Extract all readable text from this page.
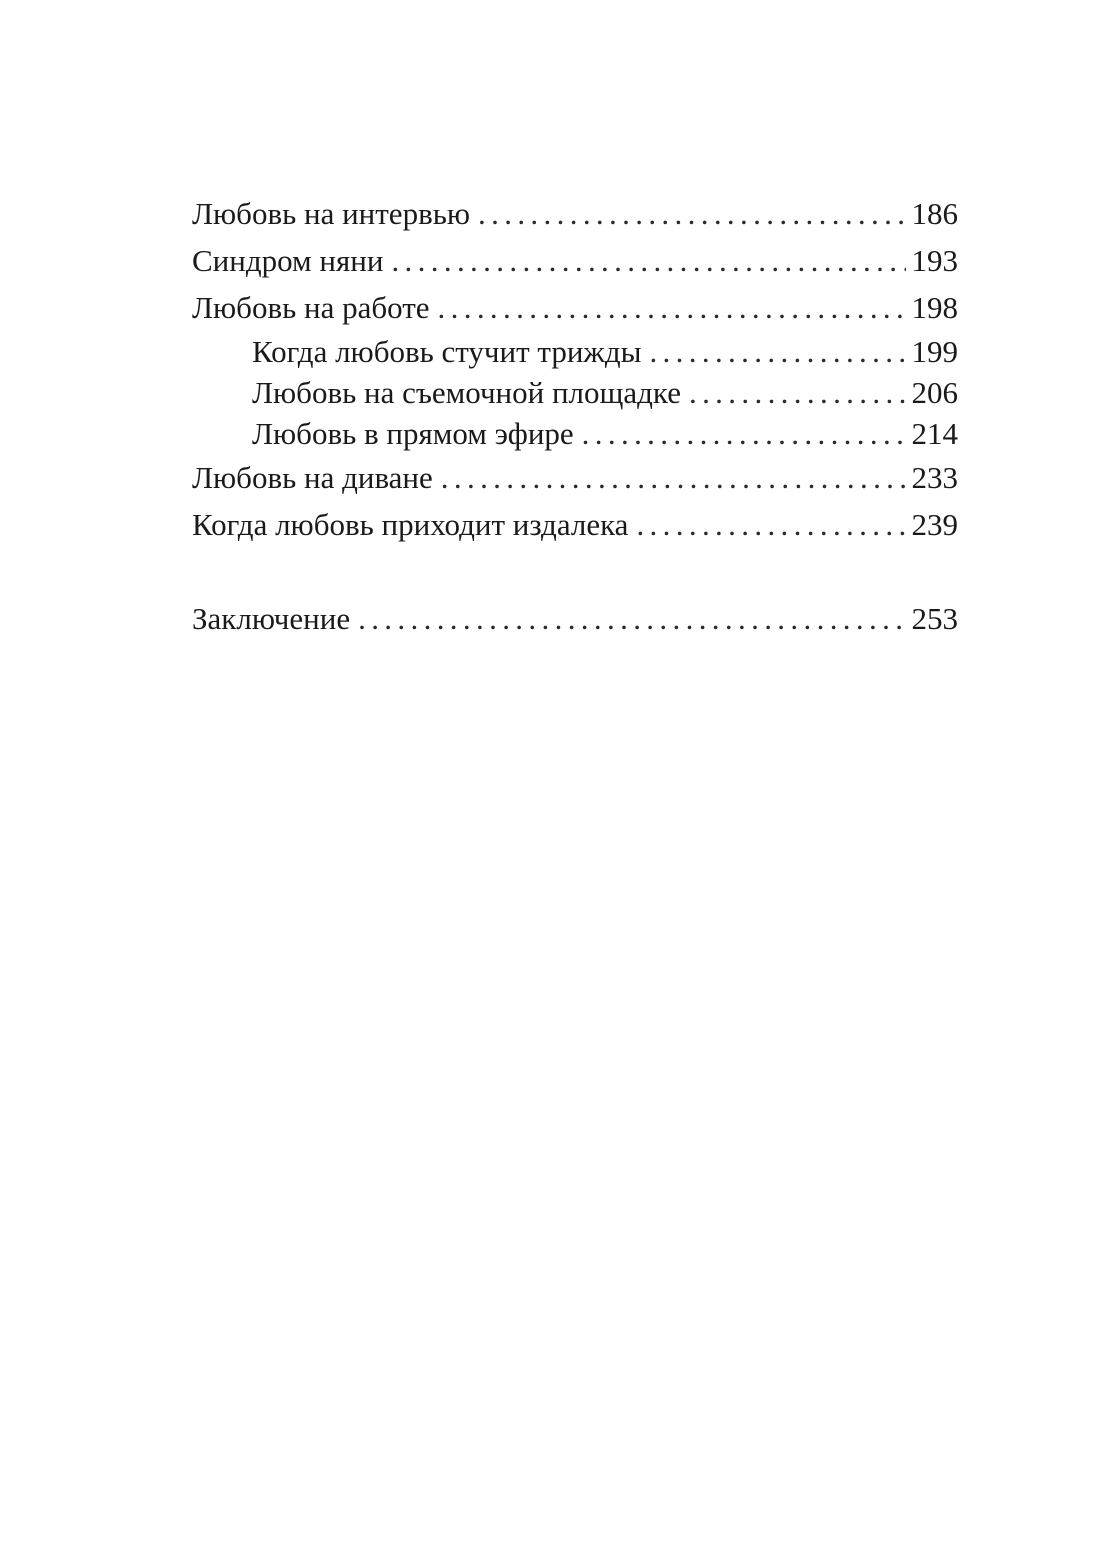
Любовь на интервью . . .	186
Синдром няни . . .	193
Любовь на работе . . .	198
Когда любовь стучит трижды . . .	199
Любовь на съемочной площадке . . .	206
Любовь в прямом эфире . . .	214
Любовь на диване . . .	233
Когда любовь приходит издалека . . .	239
Заключение . . .	253
